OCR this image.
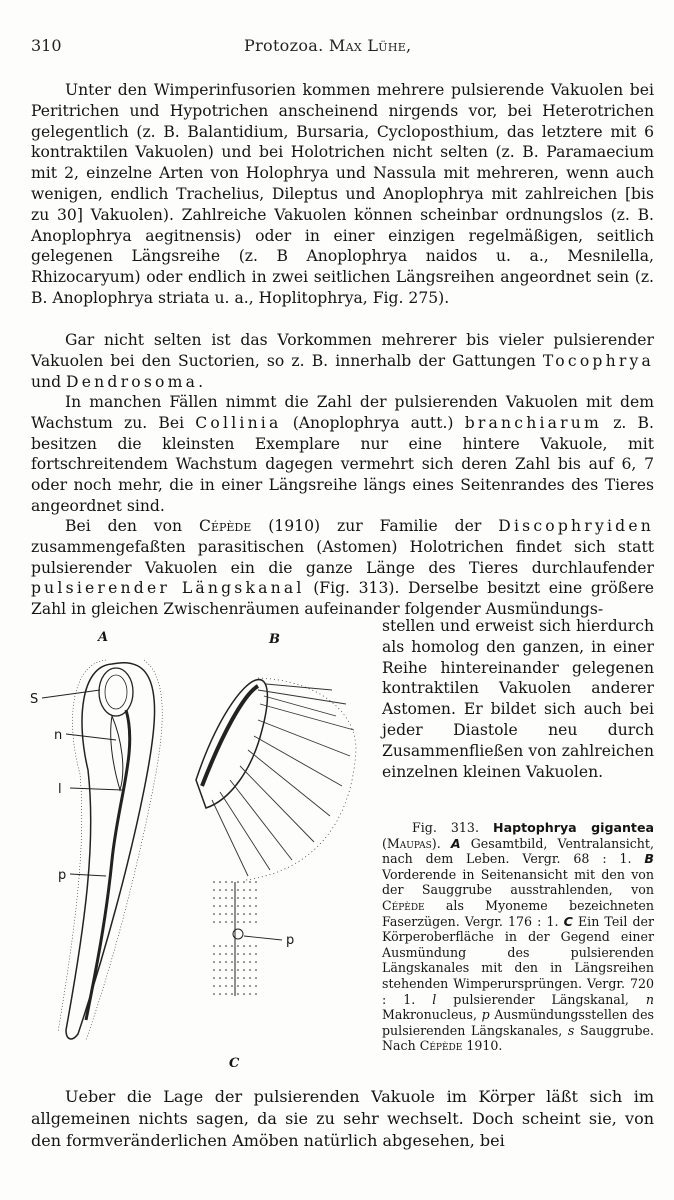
310	Protozoa. Max Lühe,

Unter den Wimperinfusorien kommen mehrere pulsierende Vakuolen bei Peritrichen und Hypotrichen anscheinend nirgends vor, bei Heterotrichen gelegentlich (z. B. Balantidium, Bursaria, Cycloposthium, das letztere mit 6 kontraktilen Vakuolen) und bei Holotrichen nicht selten (z. B. Paramaecium mit 2, einzelne Arten von Holophrya und Nassula mit mehreren, wenn auch wenigen, endlich Trachelius, Dileptus und Anoplophrya mit zahlreichen [bis zu 30] Vakuolen). Zahlreiche Vakuolen können scheinbar ordnungslos (z. B. Anoplophrya aegitnensis) oder in einer einzigen regelmäßigen, seitlich gelegenen Längsreihe (z. B Anoplophrya naidos u. a., Mesnilella, Rhizocaryum) oder endlich in zwei seitlichen Längsreihen angeordnet sein (z. B. Anoplophrya striata u. a., Hoplitophrya, Fig. 275).

Gar nicht selten ist das Vorkommen mehrerer bis vieler pulsierender Vakuolen bei den Suctorien, so z. B. innerhalb der Gattungen Tocophrya und Dendrosoma.

In manchen Fällen nimmt die Zahl der pulsierenden Vakuolen mit dem Wachstum zu. Bei Collinia (Anoplophrya autt.) branchiarum z. B. besitzen die kleinsten Exemplare nur eine hintere Vakuole, mit fortschreitendem Wachstum dagegen vermehrt sich deren Zahl bis auf 6, 7 oder noch mehr, die in einer Längsreihe längs eines Seitenrandes des Tieres angeordnet sind.

Bei den von Cépède (1910) zur Familie der Discophryiden zusammengefaßten parasitischen (Astomen) Holotrichen findet sich statt pulsierender Vakuolen ein die ganze Länge des Tieres durchlaufender pulsierender Längskanal (Fig. 313). Derselbe besitzt eine größere Zahl in gleichen Zwischenräumen aufeinander folgender Ausmündungs-

A	B
C
S
n
l
p
p

stellen und erweist sich hierdurch als homolog den ganzen, in einer Reihe hintereinander gelegenen kontraktilen Vakuolen anderer Astomen. Er bildet sich auch bei jeder Diastole neu durch Zusammenfließen von zahlreichen einzelnen kleinen Vakuolen.

Fig. 313. Haptophrya gigantea (Maupas). A Gesamtbild, Ventralansicht, nach dem Leben. Vergr. 68 : 1. B Vorderende in Seitenansicht mit den von der Sauggrube ausstrahlenden, von Cépède als Myoneme bezeichneten Faserzügen. Vergr. 176 : 1. C Ein Teil der Körperoberfläche in der Gegend einer Ausmündung des pulsierenden Längskanales mit den in Längsreihen stehenden Wimperursprüngen. Vergr. 720 : 1. l pulsierender Längskanal, n Makronucleus, p Ausmündungsstellen des pulsierenden Längskanales, s Sauggrube. Nach Cépède 1910.

Ueber die Lage der pulsierenden Vakuole im Körper läßt sich im allgemeinen nichts sagen, da sie zu sehr wechselt. Doch scheint sie, von den formveränderlichen Amöben natürlich abgesehen, bei
